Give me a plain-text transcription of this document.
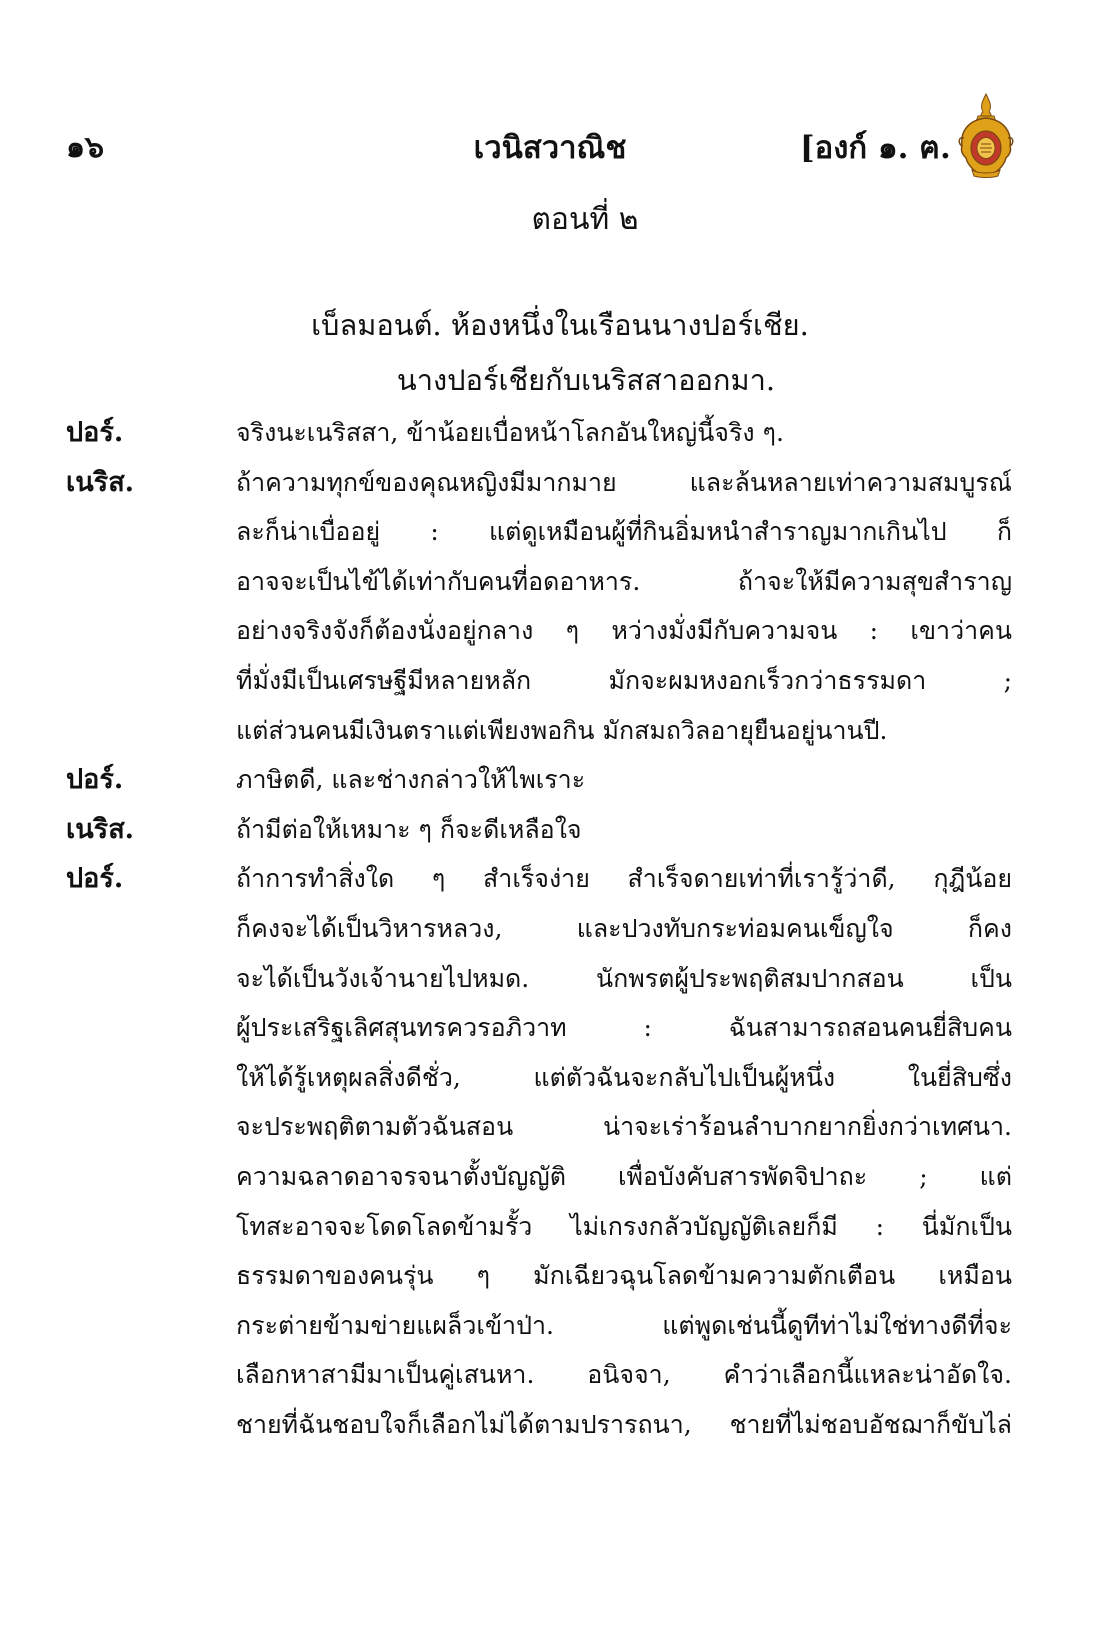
๑๖	เวนิสวาณิช	[องก์ ๑. ฅ.
ตอนที่ ๒
เบ็ลมอนต์. ห้องหนึ่งในเรือนนางปอร์เชีย.
นางปอร์เชียกับเนริสสาออกมา.
ปอร์.	จริงนะเนริสสา, ข้าน้อยเบื่อหน้าโลกอันใหญ่นี้จริง ๆ.
เนริส.	ถ้าความทุกข์ของคุณหญิงมีมากมาย และล้นหลายเท่าความสมบูรณ์
ละก็น่าเบื่ออยู่ : แต่ดูเหมือนผู้ที่กินอิ่มหนำสำราญมากเกินไป ก็
อาจจะเป็นไข้ได้เท่ากับคนที่อดอาหาร. ถ้าจะให้มีความสุขสำราญ
อย่างจริงจังก็ต้องนั่งอยู่กลาง ๆ หว่างมั่งมีกับความจน : เขาว่าคน
ที่มั่งมีเป็นเศรษฐีมีหลายหลัก มักจะผมหงอกเร็วกว่าธรรมดา ;
แต่ส่วนคนมีเงินตราแต่เพียงพอกิน มักสมถวิลอายุยืนอยู่นานปี.
ปอร์.	ภาษิตดี, และช่างกล่าวให้ไพเราะ
เนริส.	ถ้ามีต่อให้เหมาะ ๆ ก็จะดีเหลือใจ
ปอร์.	ถ้าการทำสิ่งใด ๆ สำเร็จง่าย สำเร็จดายเท่าที่เรารู้ว่าดี, กุฎีน้อย
ก็คงจะได้เป็นวิหารหลวง, และปวงทับกระท่อมคนเข็ญใจ ก็คง
จะได้เป็นวังเจ้านายไปหมด. นักพรตผู้ประพฤติสมปากสอน เป็น
ผู้ประเสริฐเลิศสุนทรควรอภิวาท : ฉันสามารถสอนคนยี่สิบคน
ให้ได้รู้เหตุผลสิ่งดีชั่ว, แต่ตัวฉันจะกลับไปเป็นผู้หนึ่ง ในยี่สิบซึ่ง
จะประพฤติตามตัวฉันสอน น่าจะเร่าร้อนลำบากยากยิ่งกว่าเทศนา.
ความฉลาดอาจรจนาตั้งบัญญัติ เพื่อบังคับสารพัดจิปาถะ ; แต่
โทสะอาจจะโดดโลดข้ามรั้ว ไม่เกรงกลัวบัญญัติเลยก็มี : นี่มักเป็น
ธรรมดาของคนรุ่น ๆ มักเฉียวฉุนโลดข้ามความตักเตือน เหมือน
กระต่ายข้ามข่ายแผล็วเข้าป่า. แต่พูดเช่นนี้ดูทีท่าไม่ใช่ทางดีที่จะ
เลือกหาสามีมาเป็นคู่เสนหา. อนิจจา, คำว่าเลือกนี้แหละน่าอัดใจ.
ชายที่ฉันชอบใจก็เลือกไม่ได้ตามปรารถนา, ชายที่ไม่ชอบอัชฌาก็ขับไล่
